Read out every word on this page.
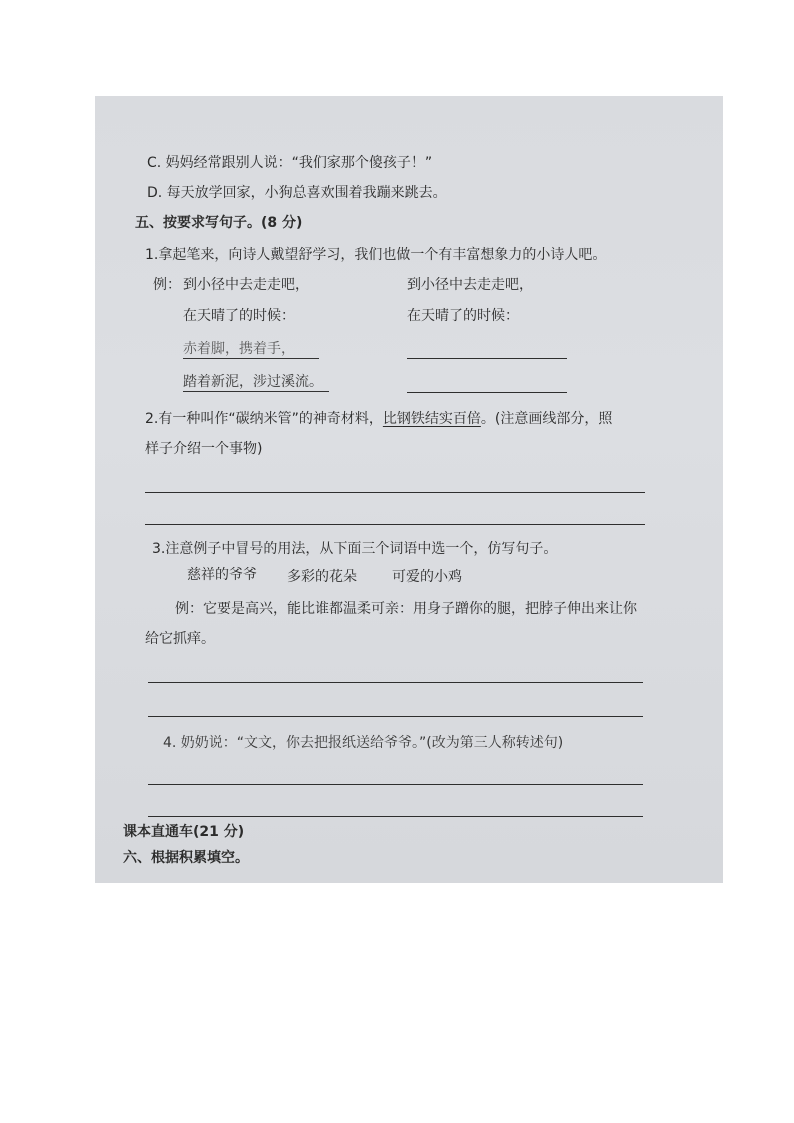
C. 妈妈经常跟别人说：“我们家那个傻孩子！”
D. 每天放学回家，小狗总喜欢围着我蹦来跳去。
五、按要求写句子。(8 分)
1.拿起笔来，向诗人戴望舒学习，我们也做一个有丰富想象力的小诗人吧。
例： 到小径中去走走吧，
在天晴了的时候：
赤着脚，携着手，
踏着新泥，涉过溪流。
到小径中去走走吧，
在天晴了的时候：
2.有一种叫作“碳纳米管”的神奇材料，比钢铁结实百倍。(注意画线部分，照
样子介绍一个事物)
3.注意例子中冒号的用法，从下面三个词语中选一个，仿写句子。
慈祥的爷爷 多彩的花朵	可爱的小鸡
例：它要是高兴，能比谁都温柔可亲：用身子蹭你的腿，把脖子伸出来让你
给它抓痒。
4. 奶奶说：“文文，你去把报纸送给爷爷。”(改为第三人称转述句)
课本直通车(21 分)
六、根据积累填空。
